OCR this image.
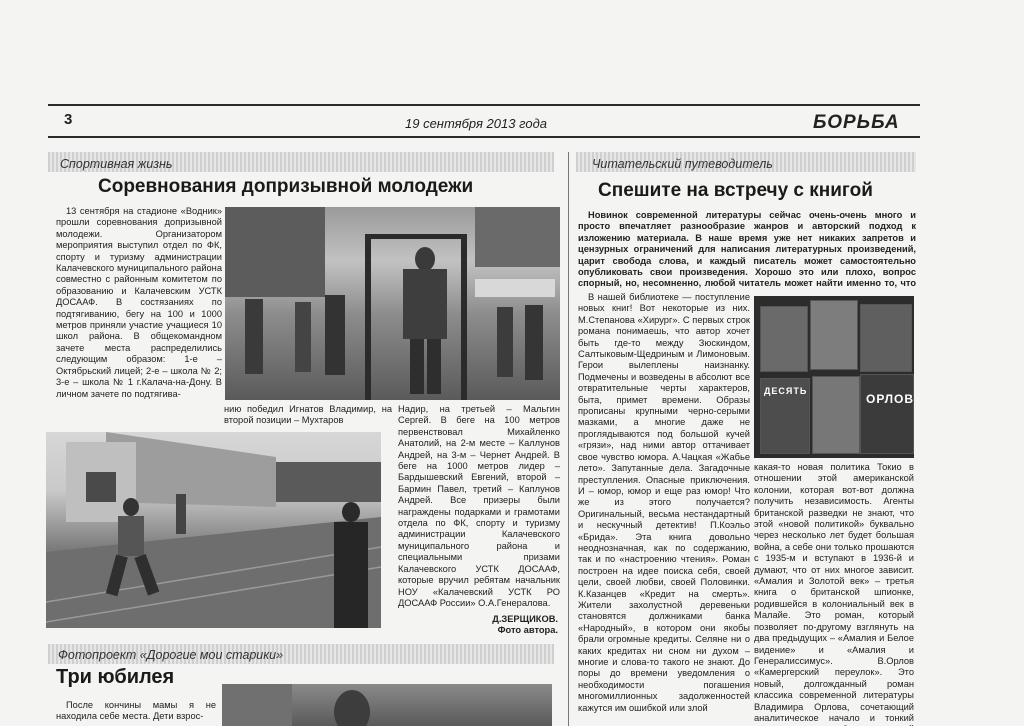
3	19 сентября 2013 года	БОРЬБА
Спортивная жизнь
Соревнования допризывной молодежи

13 сентября на стадионе «Водник» прошли соревнования допризывной молодежи. Организатором мероприятия выступил отдел по ФК, спорту и туризму администрации Калачевского муниципального района совместно с районным комитетом по образованию и Калачевским УСТК ДОСААФ. В состязаниях по подтягиванию, бегу на 100 и 1000 метров приняли участие учащиеся 10 школ района. В общекомандном зачете места распределились следующим образом: 1-е – Октябрьский лицей; 2-е – школа № 2; 3-е – школа № 1 г.Калача-на-Дону. В личном зачете по подтягива-

нию победил Игнатов Владимир, на второй позиции – Мухтаров

Надир, на третьей – Мальгин Сергей. В беге на 100 метров первенствовал Михайленко Анатолий, на 2-м месте – Каллунов Андрей, на 3-м – Чернет Андрей. В беге на 1000 метров лидер – Бардышевский Евгений, второй – Бармин Павел, третий – Каплунов Андрей. Все призеры были награждены подарками и грамотами отдела по ФК, спорту и туризму администрации Калачевского муниципального района и специальными призами Калачевского УСТК ДОСААФ, которые вручил ребятам начальник НОУ «Калачевский УСТК РО ДОСААФ России» О.А.Генералова.

Д.ЗЕРЩИКОВ.
Фото автора.
Фотопроект «Дорогие мои старики»
Три юбилея

После кончины мамы я не находила себе места. Дети взрос-

Читательский путеводитель
Спешите на встречу с книгой

Новинок современной литературы сейчас очень-очень много и просто впечатляет разнообразие жанров и авторский подход к изложению материала. В наше время уже нет никаких запретов и цензурных ограничений для написания литературных произведений, царит свобода слова, и каждый писатель может самостоятельно опубликовать свои произведения. Хорошо это или плохо, вопрос спорный, но, несомненно, любой читатель может найти именно то, что

В нашей библиотеке — поступление новых книг! Вот некоторые из них. М.Степанова «Хирург». С первых строк романа понимаешь, что автор хочет быть где-то между Зюскиндом, Салтыковым-Щедриным и Лимоновым. Герои вылеплены наизнанку. Подмечены и возведены в абсолют все отвратительные черты характеров, быта, примет времени. Образы прописаны крупными черно-серыми мазками, а многие даже не проглядываются под большой кучей «грязи», над ними автор оттачивает свое чувство юмора. А.Чацкая «Жабье лето». Запутанные дела. Загадочные преступления. Опасные приключения. И – юмор, юмор и еще раз юмор! Что же из этого получается? Оригинальный, весьма нестандартный и нескучный детектив! П.Коэльо «Брида». Эта книга довольно неоднозначная, как по содержанию, так и по «настроению чтения». Роман построен на идее поиска себя, своей цели, своей любви, своей Половинки. К.Казанцев «Кредит на смерть». Жители захолустной деревеньки становятся должниками банка «Народный», в котором они якобы брали огромные кредиты. Селяне ни о каких кредитах ни сном ни духом – многие и слова-то такого не знают. До поры до времени уведомления о необходимости погашения многомиллионных задолженностей кажутся им ошибкой или злой

ДЕСЯТЬ
ОРЛОВ

какая-то новая политика Токио в отношении этой американской колонии, которая вот-вот должна получить независимость. Агенты британской разведки не знают, что этой «новой политикой» буквально через несколько лет будет большая война, а себе они только прошаются с 1935-м и вступают в 1936-й и думают, что от них многое зависит. «Амалия и Золотой век» – третья книга о британской шпионке, родившейся в колониальный век в Малайе. Это роман, который позволяет по-другому взглянуть на два предыдущих – «Амалия и Белое видение» и «Амалия и Генералиссимус». В.Орлов «Камергерский переулок». Это новый, долгожданный роман классика современной литературы Владимира Орлова, сочетающий аналитическое начало и тонкий
